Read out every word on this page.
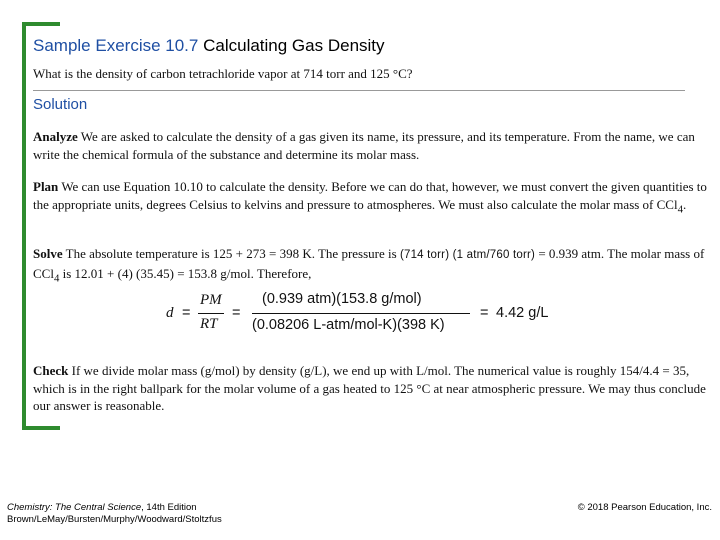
Sample Exercise 10.7 Calculating Gas Density
What is the density of carbon tetrachloride vapor at 714 torr and 125 °C?
Solution
Analyze We are asked to calculate the density of a gas given its name, its pressure, and its temperature. From the name, we can write the chemical formula of the substance and determine its molar mass.
Plan We can use Equation 10.10 to calculate the density. Before we can do that, however, we must convert the given quantities to the appropriate units, degrees Celsius to kelvins and pressure to atmospheres. We must also calculate the molar mass of CCl$_4$.
Solve The absolute temperature is 125 + 273 = 398 K. The pressure is (714 torr) (1 atm/760 torr) = 0.939 atm. The molar mass of CCl$_4$ is 12.01 + (4) (35.45) = 153.8 g/mol. Therefore,
d =
PM
RT
=
(0.939 atm)(153.8 g/mol)
(0.08206 L-atm/mol-K)(398 K)
= 4.42 g/L
Check If we divide molar mass (g/mol) by density (g/L), we end up with L/mol. The numerical value is roughly 154/4.4 = 35, which is in the right ballpark for the molar volume of a gas heated to 125 °C at near atmospheric pressure. We may thus conclude our answer is reasonable.
Chemistry: The Central Science, 14th Edition
Brown/LeMay/Bursten/Murphy/Woodward/Stoltzfus
© 2018 Pearson Education, Inc.
